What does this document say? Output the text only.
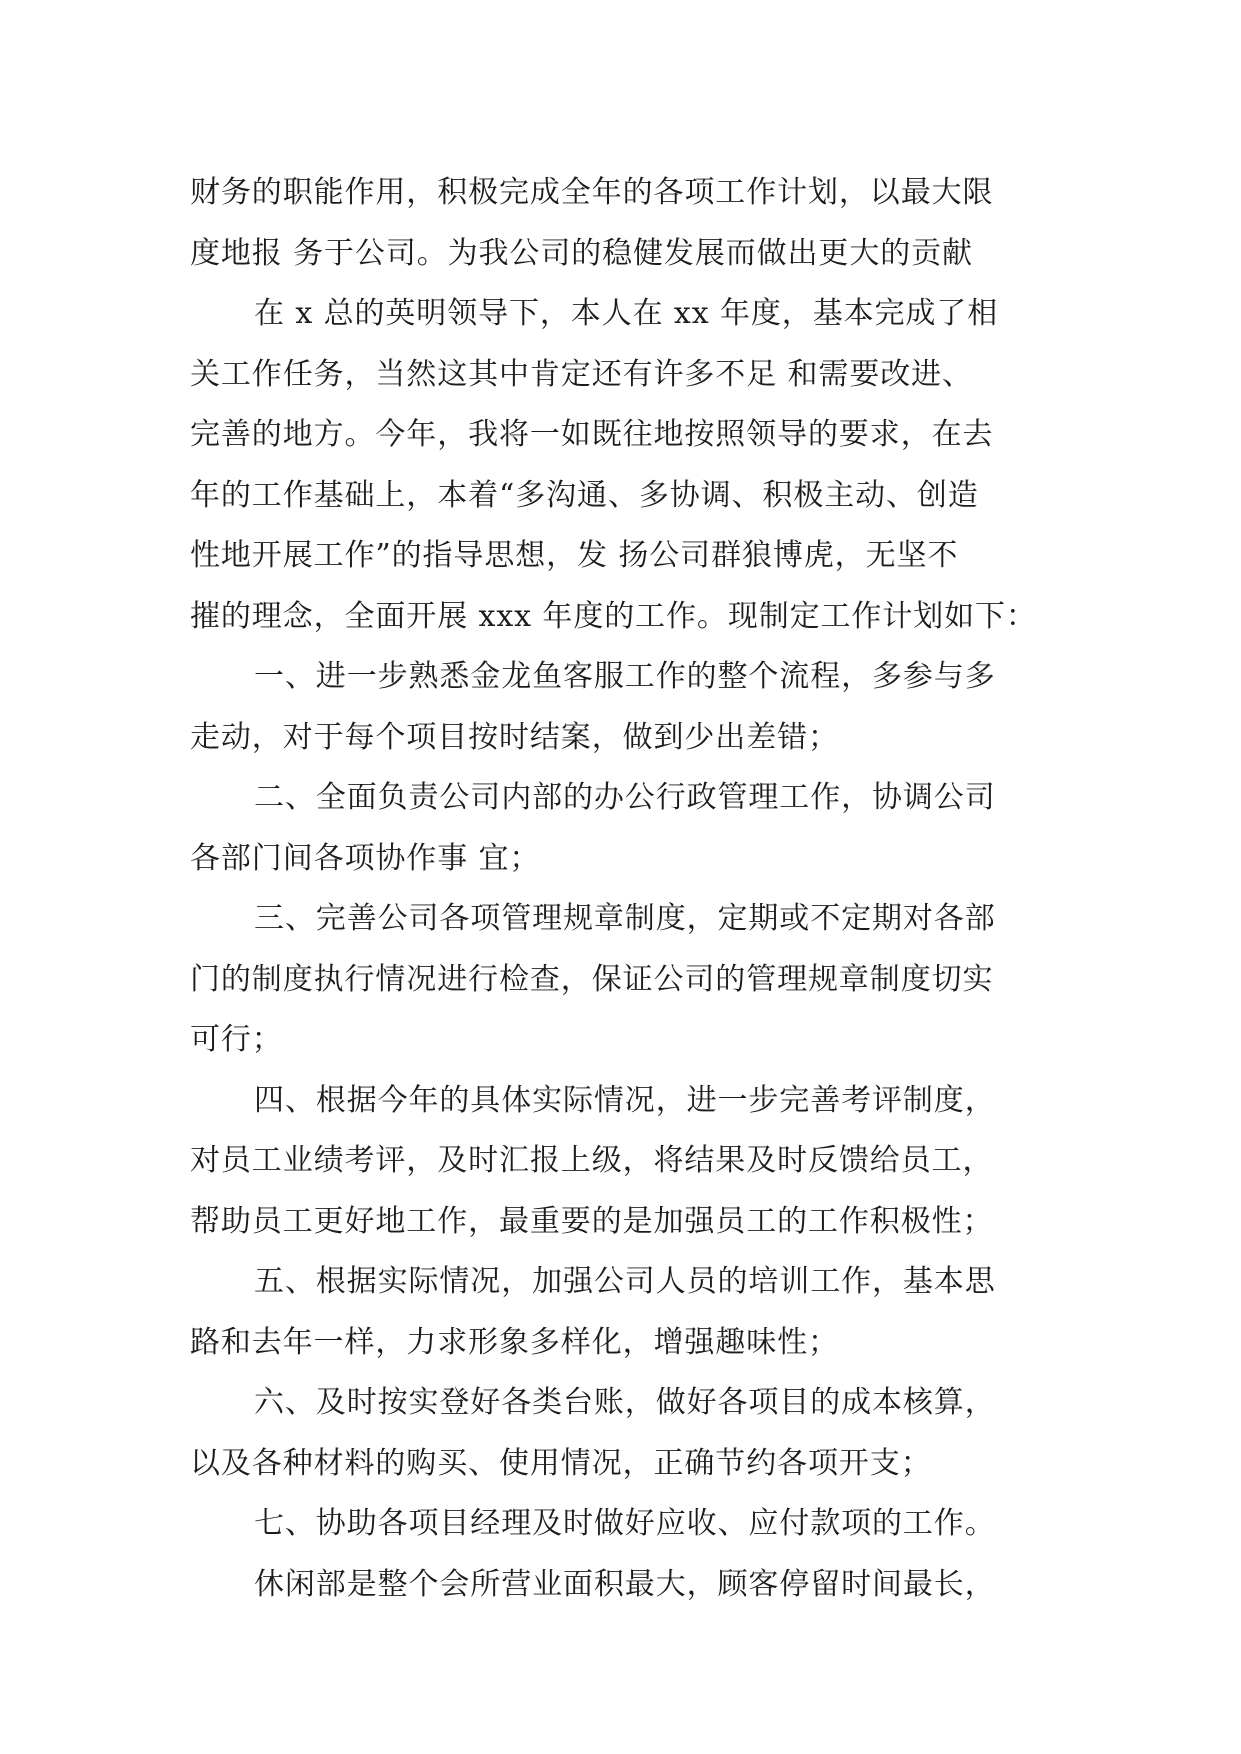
财务的职能作用，积极完成全年的各项工作计划，以最大限
度地报 务于公司。为我公司的稳健发展而做出更大的贡献

在 x 总的英明领导下，本人在 xx 年度，基本完成了相
关工作任务，当然这其中肯定还有许多不足 和需要改进、
完善的地方。今年，我将一如既往地按照领导的要求，在去
年的工作基础上，本着“多沟通、多协调、积极主动、创造
性地开展工作”的指导思想，发 扬公司群狼博虎，无坚不
摧的理念，全面开展 xxx 年度的工作。现制定工作计划如下：

一、进一步熟悉金龙鱼客服工作的整个流程，多参与多
走动，对于每个项目按时结案，做到少出差错；

二、全面负责公司内部的办公行政管理工作，协调公司
各部门间各项协作事 宜；

三、完善公司各项管理规章制度，定期或不定期对各部
门的制度执行情况进行检查，保证公司的管理规章制度切实
可行；

四、根据今年的具体实际情况，进一步完善考评制度，
对员工业绩考评，及时汇报上级，将结果及时反馈给员工，
帮助员工更好地工作，最重要的是加强员工的工作积极性；

五、根据实际情况，加强公司人员的培训工作，基本思
路和去年一样，力求形象多样化，增强趣味性；

六、及时按实登好各类台账，做好各项目的成本核算，
以及各种材料的购买、使用情况，正确节约各项开支；

七、协助各项目经理及时做好应收、应付款项的工作。

休闲部是整个会所营业面积最大，顾客停留时间最长，
